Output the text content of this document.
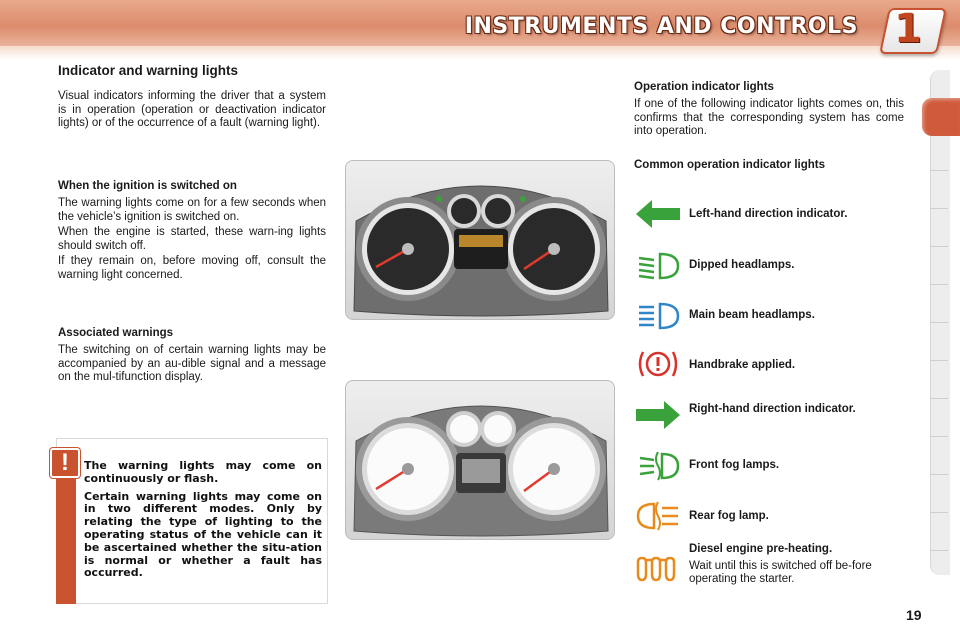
INSTRUMENTS AND CONTROLS 1
Indicator and warning lights
Visual indicators informing the driver that a system is in operation (operation or deactivation indicator lights) or of the occurrence of a fault (warning light).
When the ignition is switched on

The warning lights come on for a few seconds when the vehicle’s ignition is switched on.

When the engine is started, these warn-ing lights should switch off.

If they remain on, before moving off, consult the warning light concerned.

Associated warnings
The switching on of certain warning lights may be accompanied by an au-dible signal and a message on the mul-tifunction display.
!	The warning lights may come on continuously or flash.

Certain warning lights may come on in two different modes. Only by relating the type of lighting to the operating status of the vehicle can it be ascertained whether the situ-ation is normal or whether a fault has occurred.

Operation indicator lights
If one of the following indicator lights comes on, this confirms that the corresponding system has come into operation.
Common operation indicator lights
Left-hand direction indicator.
Dipped headlamps.
Main beam headlamps.
Handbrake applied.
Right-hand direction indicator.
Front fog lamps.
Rear fog lamp.
Diesel engine pre-heating.
Wait until this is switched off be-fore operating the starter.
19
